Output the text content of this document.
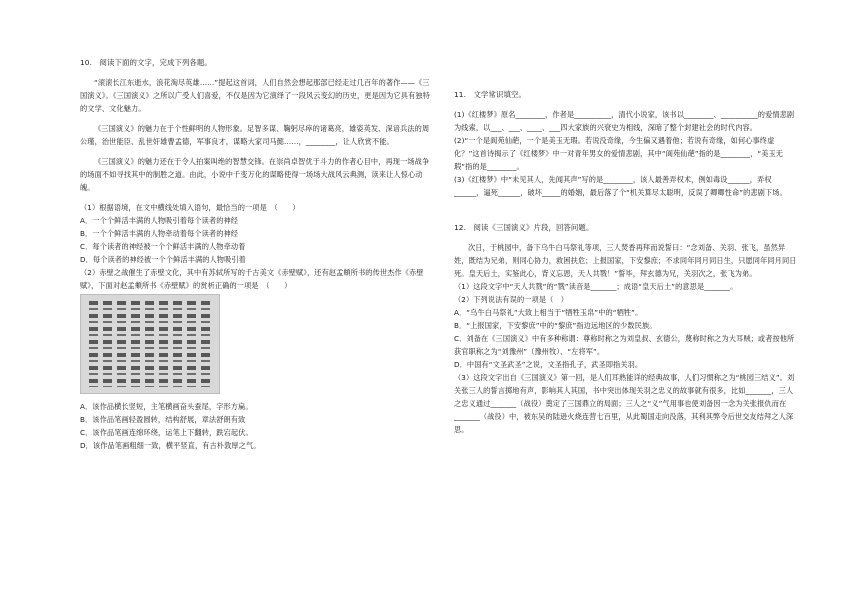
10.　阅读下面的文字，完成下列各题。

“滚滚长江东逝水，浪花淘尽英雄……”提起这首词，人们自然会想起那部已经走过几百年的著作——《三国演义》。《三国演义》之所以广受人们喜爱，不仅是因为它演绎了一段风云变幻的历史，更是因为它具有独特的文学、文化魅力。

《三国演义》的魅力在于个性鲜明的人物形象。足智多谋、鞠躬尽瘁的诸葛亮，雄姿英发、深谙兵法的周公瑾，治世能臣、乱世奸雄曹孟德，军事良才，谋略大家司马懿……，________，让人欣赏不能。

《三国演义》的魅力还在于令人拍案叫绝的智慧交锋。在崇尚卓智优于斗力的作者心目中，再现一场战争的场面不如寻找其中的制胜之道。由此，小说中千变万化的谋略使得一场场大战风云典测，读来让人惊心动魄。

（1）根据语境，在文中横线处填入语句，最恰当的一项是　（　　）

A．一个个鲜活丰满的人物吸引着每个读者的神经

B．一个个鲜活丰满的人物牵动着每个读者的神经

C．每个读者的神经被一个个鲜活丰满的人物牵动着

D．每个读者的神经被一个个鲜活丰满的人物吸引着

（2）赤壁之战催生了赤壁文化，其中有苏轼所写的千古美文《赤壁赋》，还有赵孟頫所书的传世杰作《赤壁赋》，下面对赵孟頫所书《赤壁赋》的赏析正确的一项是　（　　）

A．该作品横长竖短，主笔横画奋头蚕尾，字形方扁。

B．该作品笔画轻盈圆转，结构舒展，章法舒朗有致

C．该作品笔画连绵环绕，运笔上下翻转，跌宕起伏。

D．该作品笔画粗细一致，横平竖直，有古朴敦厚之气。

11.　文学常识填空。

(1)《红楼梦》原名________，作者是__________，清代小说家，该书以________、__________的爱情悲剧为线索，以___、___、____、___四大家族的兴衰史为相线，深暗了整个封建社会的时代内容。

(2)“一个是阆苑仙葩，一个是美玉无瑕。若说没奇缘，今生偏又遇着他；若说有奇缘，如何心事终虚化？”这首诗揭示了《红楼梦》中一对青年男女的爱情悲剧，其中“阆苑仙葩”指的是________，“美玉无瑕”指的是________。

(3)《红楼梦》中“未见其人，先闻其声”写的是________，该人最善弄权术，例如毒设______，弄权______，逼死______，破坏_____的婚姻，最后落了个“机关算尽太聪明，反误了卿卿性命”的悲剧下场。

12.　阅读《三国演义》片段，回答问题。

次日，于桃园中，备下乌牛白马祭礼等项，三人焚香再拜而说誓曰：“念刘备、关羽、张飞，虽然异姓，既结为兄弟，则同心协力，救困扶危；上报国家，下安黎庶；不求同年同月同日生，只愿同年同月同日死。皇天后土，实鉴此心，背义忘恩，天人共戮！”誓毕，拜玄德为兄，关羽次之，张飞为弟。

（1）这段文字中“天人共戮”的“戮”读音是_______；成语“皇天后土”的意思是_______。

（2）下列说法有误的一项是（　）

A．“乌牛白马祭礼”大致上相当于“牺牲玉帛”中的“牺牲”。

B．“上报国家，下安黎庶”中的“黎庶”指边远地区的少数民族。

C．刘备在《三国演义》中有多种称谓：尊称时称之为刘皇叔、玄德公，蔑称时称之为大耳贼；或者按他所获官职称之为“刘豫州”（豫州牧）、“左将军”。

D．中国有“文圣武圣”之说，文圣指孔子，武圣即指关羽。

（3）这段文字出自《三国演义》第一回，是人们耳熟能详的经典故事，人们习惯称之为“桃园三结义”。刘关张三人的誓言掷地有声，影响其人其国，书中突出体现关羽之忠义的故事就有很多，比如_______，三人之忠义通过_______（战役）奠定了三国鼎立的局面；三人之“义”气用事也使刘备因一念为关张报仇而在_______（战役）中，被东吴的陆逊火烧连营七百里，从此蜀国走向没落，其利其弊令后世交友结拜之人深思。
